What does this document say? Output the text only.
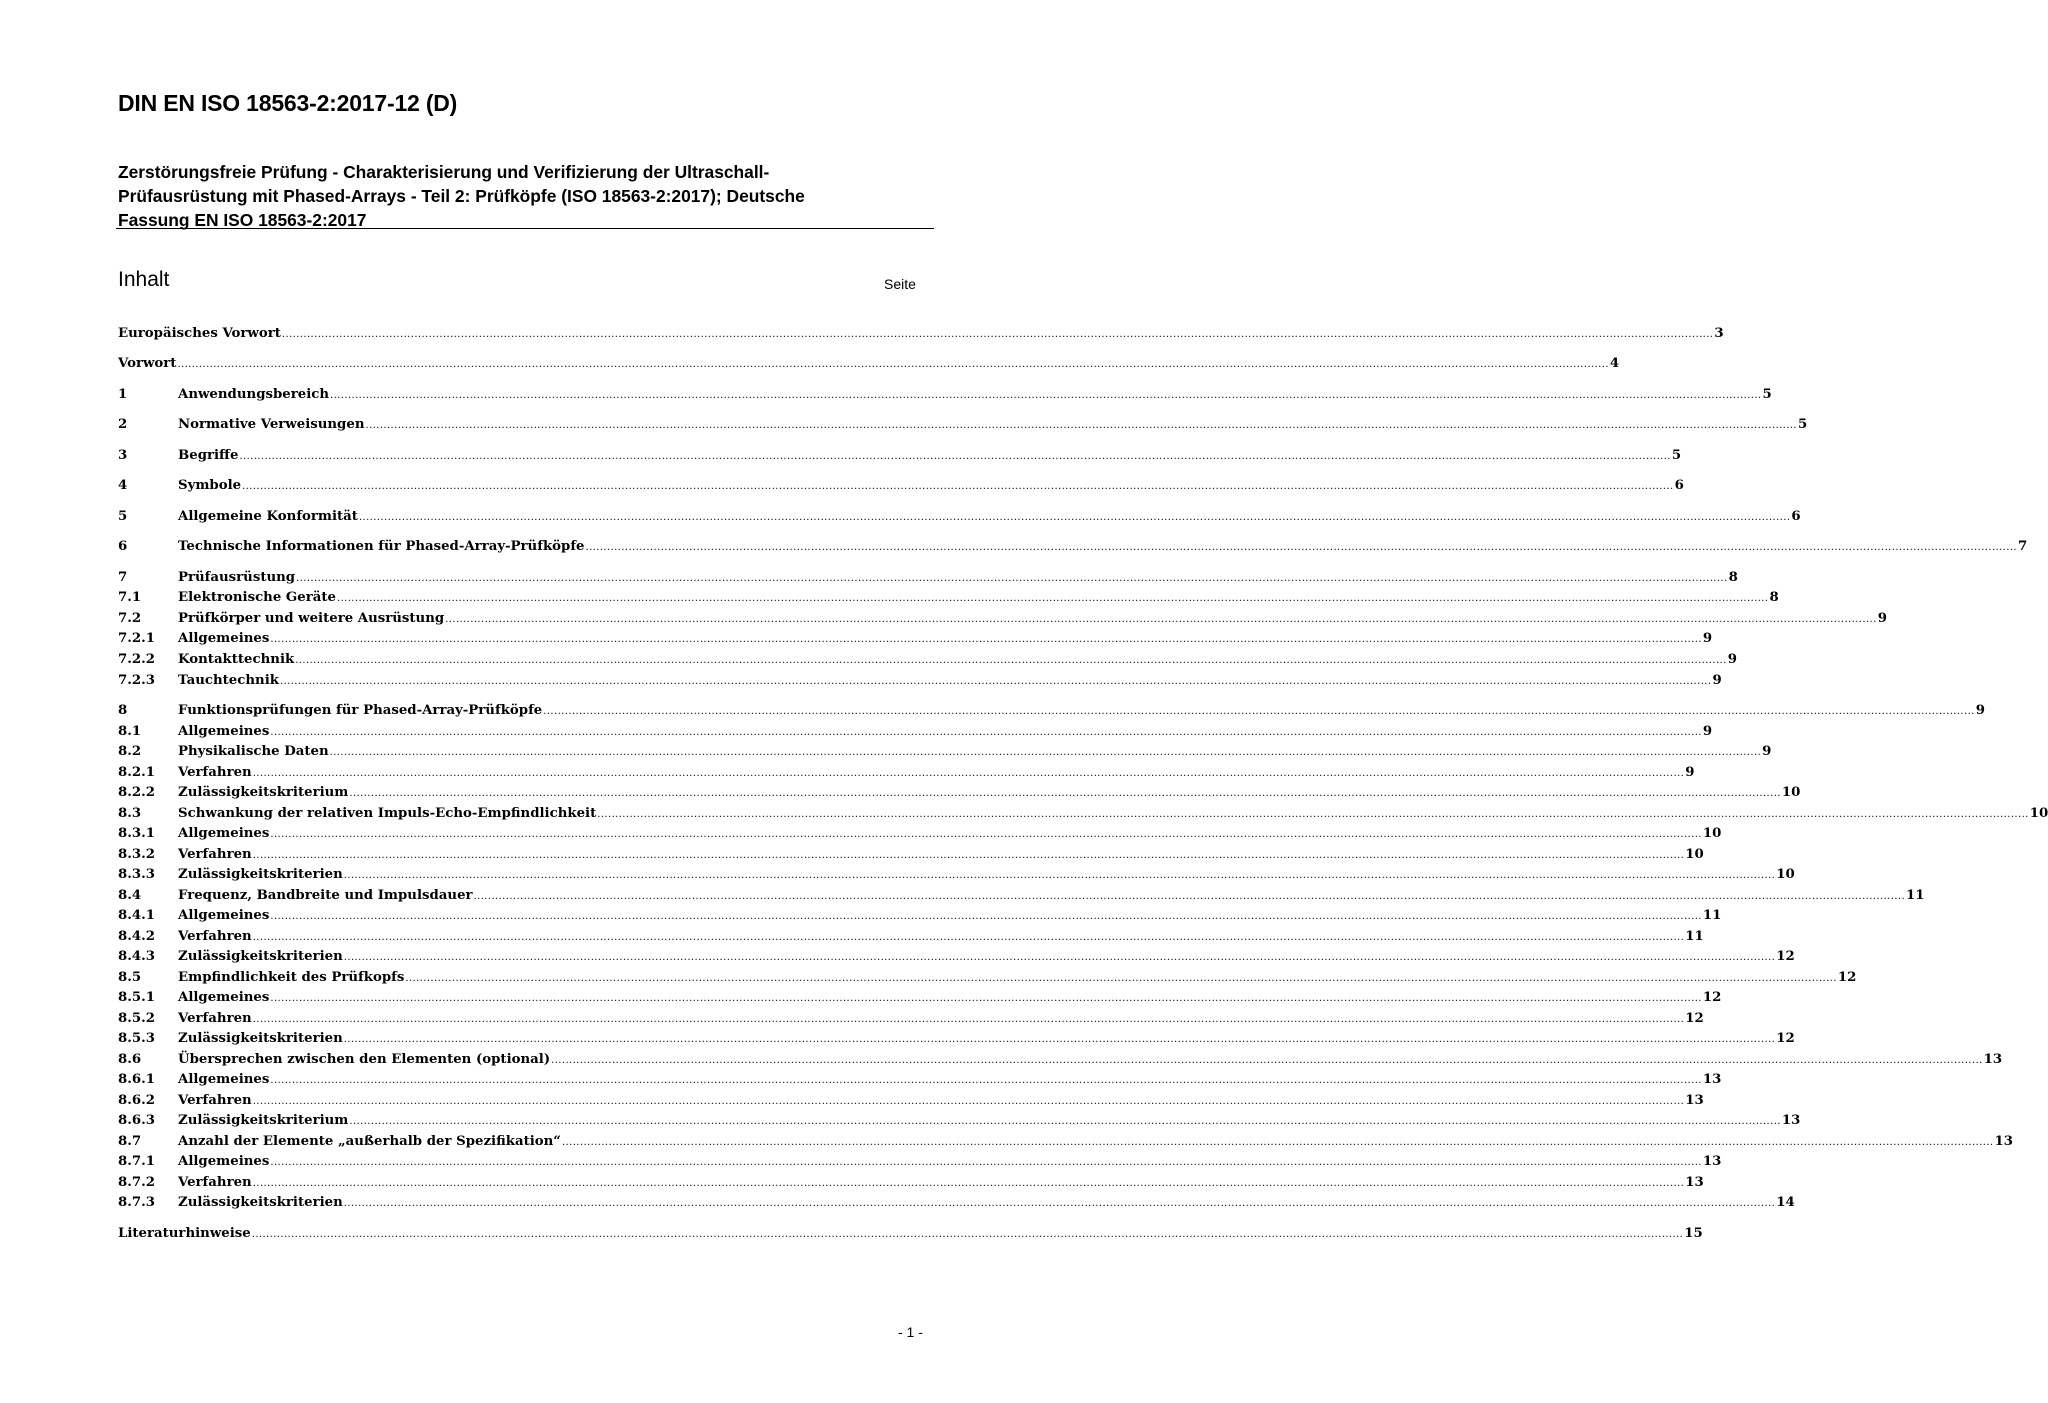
DIN EN ISO 18563-2:2017-12 (D)
Zerstörungsfreie Prüfung - Charakterisierung und Verifizierung der Ultraschall-
Prüfausrüstung mit Phased-Arrays - Teil 2: Prüfköpfe (ISO 18563-2:2017); Deutsche
Fassung EN ISO 18563-2:2017
Inhalt	Seite
Europäisches Vorwort ................................................................................................................................................................................................................................................................................................................................................................................................................ 3
Vorwort ................................................................................................................................................................................................................................................................................................................................................................................................................ 4
1	Anwendungsbereich ................................................................................................................................................................................................................................................................................................................................................................................................................ 5
2	Normative Verweisungen ................................................................................................................................................................................................................................................................................................................................................................................................................ 5
3	Begriffe ................................................................................................................................................................................................................................................................................................................................................................................................................ 5
4	Symbole ................................................................................................................................................................................................................................................................................................................................................................................................................ 6
5	Allgemeine Konformität ................................................................................................................................................................................................................................................................................................................................................................................................................ 6
6	Technische Informationen für Phased-Array-Prüfköpfe ................................................................................................................................................................................................................................................................................................................................................................................................................ 7
7	Prüfausrüstung ................................................................................................................................................................................................................................................................................................................................................................................................................ 8
7.1	Elektronische Geräte ................................................................................................................................................................................................................................................................................................................................................................................................................ 8
7.2	Prüfkörper und weitere Ausrüstung ................................................................................................................................................................................................................................................................................................................................................................................................................ 9
7.2.1	Allgemeines ................................................................................................................................................................................................................................................................................................................................................................................................................ 9
7.2.2	Kontakttechnik ................................................................................................................................................................................................................................................................................................................................................................................................................ 9
7.2.3	Tauchtechnik ................................................................................................................................................................................................................................................................................................................................................................................................................ 9
8	Funktionsprüfungen für Phased-Array-Prüfköpfe ................................................................................................................................................................................................................................................................................................................................................................................................................ 9
8.1	Allgemeines ................................................................................................................................................................................................................................................................................................................................................................................................................ 9
8.2	Physikalische Daten ................................................................................................................................................................................................................................................................................................................................................................................................................ 9
8.2.1	Verfahren ................................................................................................................................................................................................................................................................................................................................................................................................................ 9
8.2.2	Zulässigkeitskriterium ................................................................................................................................................................................................................................................................................................................................................................................................................ 10
8.3	Schwankung der relativen Impuls-Echo-Empfindlichkeit ................................................................................................................................................................................................................................................................................................................................................................................................................ 10
8.3.1	Allgemeines ................................................................................................................................................................................................................................................................................................................................................................................................................ 10
8.3.2	Verfahren ................................................................................................................................................................................................................................................................................................................................................................................................................ 10
8.3.3	Zulässigkeitskriterien ................................................................................................................................................................................................................................................................................................................................................................................................................ 10
8.4	Frequenz, Bandbreite und Impulsdauer ................................................................................................................................................................................................................................................................................................................................................................................................................ 11
8.4.1	Allgemeines ................................................................................................................................................................................................................................................................................................................................................................................................................ 11
8.4.2	Verfahren ................................................................................................................................................................................................................................................................................................................................................................................................................ 11
8.4.3	Zulässigkeitskriterien ................................................................................................................................................................................................................................................................................................................................................................................................................ 12
8.5	Empfindlichkeit des Prüfkopfs ................................................................................................................................................................................................................................................................................................................................................................................................................ 12
8.5.1	Allgemeines ................................................................................................................................................................................................................................................................................................................................................................................................................ 12
8.5.2	Verfahren ................................................................................................................................................................................................................................................................................................................................................................................................................ 12
8.5.3	Zulässigkeitskriterien ................................................................................................................................................................................................................................................................................................................................................................................................................ 12
8.6	Übersprechen zwischen den Elementen (optional) ................................................................................................................................................................................................................................................................................................................................................................................................................ 13
8.6.1	Allgemeines ................................................................................................................................................................................................................................................................................................................................................................................................................ 13
8.6.2	Verfahren ................................................................................................................................................................................................................................................................................................................................................................................................................ 13
8.6.3	Zulässigkeitskriterium ................................................................................................................................................................................................................................................................................................................................................................................................................ 13
8.7	Anzahl der Elemente „außerhalb der Spezifikation“ ................................................................................................................................................................................................................................................................................................................................................................................................................ 13
8.7.1	Allgemeines ................................................................................................................................................................................................................................................................................................................................................................................................................ 13
8.7.2	Verfahren ................................................................................................................................................................................................................................................................................................................................................................................................................ 13
8.7.3	Zulässigkeitskriterien ................................................................................................................................................................................................................................................................................................................................................................................................................ 14
Literaturhinweise ................................................................................................................................................................................................................................................................................................................................................................................................................ 15
- 1 -
